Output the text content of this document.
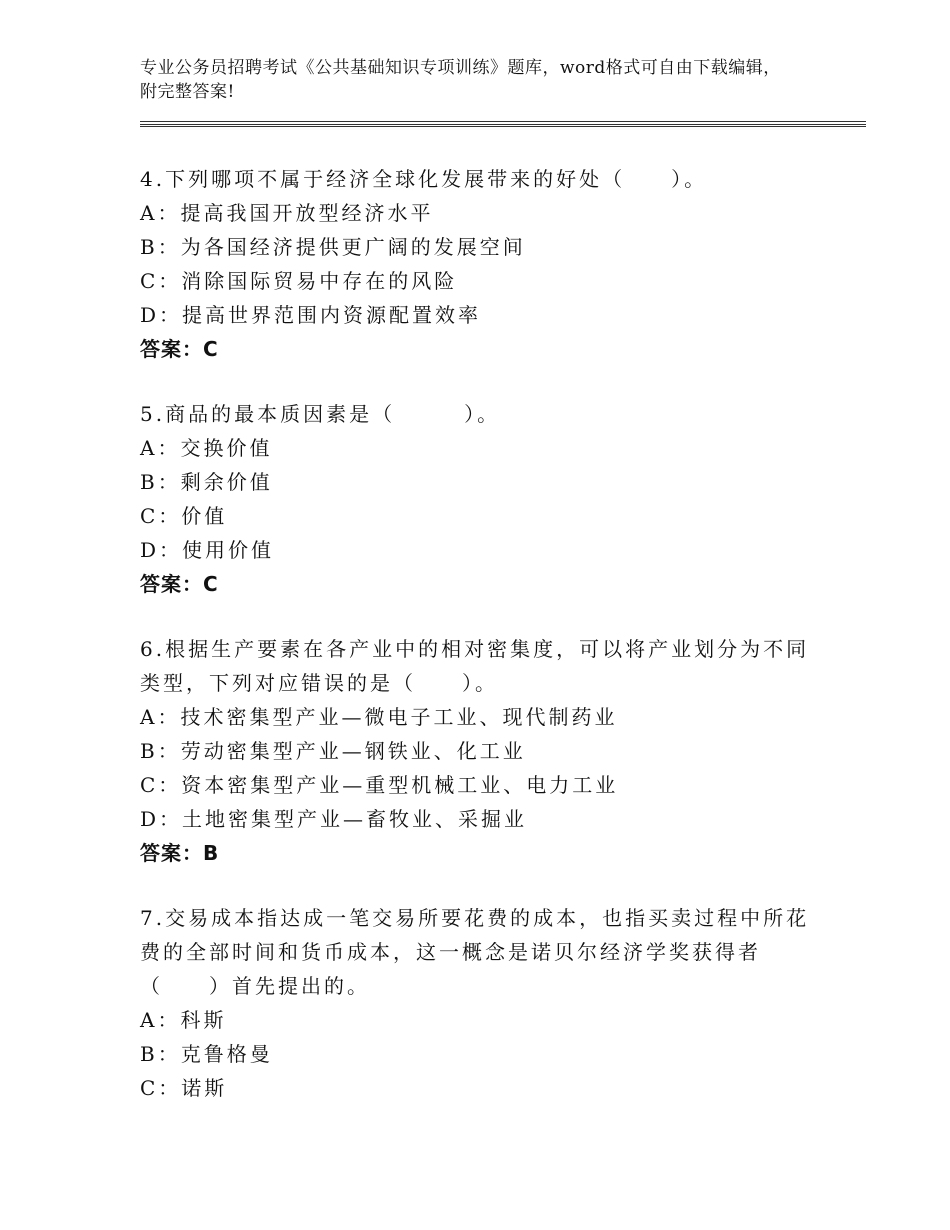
专业公务员招聘考试《公共基础知识专项训练》题库，word格式可自由下载编辑，附完整答案!
4.下列哪项不属于经济全球化发展带来的好处（　　）。
A：提高我国开放型经济水平
B：为各国经济提供更广阔的发展空间
C：消除国际贸易中存在的风险
D：提高世界范围内资源配置效率
答案：C
5.商品的最本质因素是（　　　）。
A：交换价值
B：剩余价值
C：价值
D：使用价值
答案：C
6.根据生产要素在各产业中的相对密集度，可以将产业划分为不同类型，下列对应错误的是（　　）。
A：技术密集型产业—微电子工业、现代制药业
B：劳动密集型产业—钢铁业、化工业
C：资本密集型产业—重型机械工业、电力工业
D：土地密集型产业—畜牧业、采掘业
答案：B
7.交易成本指达成一笔交易所要花费的成本，也指买卖过程中所花费的全部时间和货币成本，这一概念是诺贝尔经济学奖获得者（　　）首先提出的。
A：科斯
B：克鲁格曼
C：诺斯
